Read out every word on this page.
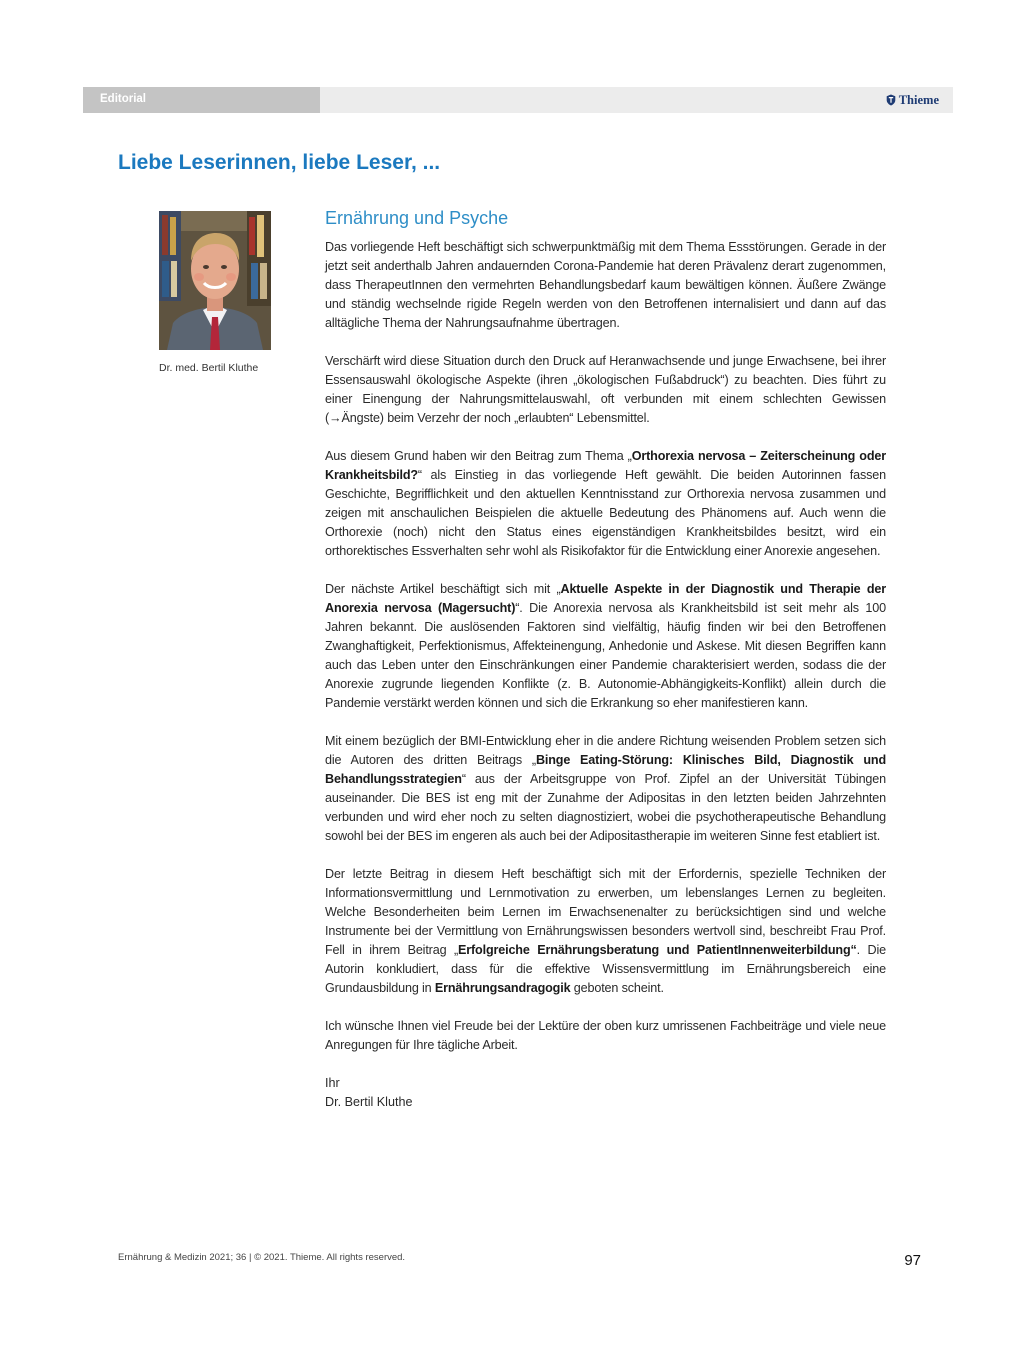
Editorial	Thieme
Liebe Leserinnen, liebe Leser, ...
Dr. med. Bertil Kluthe
Ernährung und Psyche

Das vorliegende Heft beschäftigt sich schwerpunktmäßig mit dem Thema Essstörungen. Gerade in der jetzt seit anderthalb Jahren andauernden Corona-Pandemie hat deren Prävalenz derart zugenommen, dass TherapeutInnen den vermehrten Behandlungsbedarf kaum bewältigen können. Äußere Zwänge und ständig wechselnde rigide Regeln werden von den Betroffenen internalisiert und dann auf das alltägliche Thema der Nahrungsaufnahme übertragen.

Verschärft wird diese Situation durch den Druck auf Heranwachsende und junge Erwachsene, bei ihrer Essensauswahl ökologische Aspekte (ihren „ökologischen Fußabdruck“) zu beachten. Dies führt zu einer Einengung der Nahrungsmittelauswahl, oft verbunden mit einem schlechten Gewissen (→Ängste) beim Verzehr der noch „erlaubten“ Lebensmittel.

Aus diesem Grund haben wir den Beitrag zum Thema „Orthorexia nervosa – Zeiterscheinung oder Krankheitsbild?“ als Einstieg in das vorliegende Heft gewählt. Die beiden Autorinnen fassen Geschichte, Begrifflichkeit und den aktuellen Kenntnisstand zur Orthorexia nervosa zusammen und zeigen mit anschaulichen Beispielen die aktuelle Bedeutung des Phänomens auf. Auch wenn die Orthorexie (noch) nicht den Status eines eigenständigen Krankheitsbildes besitzt, wird ein orthorektisches Essverhalten sehr wohl als Risikofaktor für die Entwicklung einer Anorexie angesehen.

Der nächste Artikel beschäftigt sich mit „Aktuelle Aspekte in der Diagnostik und Therapie der Anorexia nervosa (Magersucht)“. Die Anorexia nervosa als Krankheitsbild ist seit mehr als 100 Jahren bekannt. Die auslösenden Faktoren sind vielfältig, häufig finden wir bei den Betroffenen Zwanghaftigkeit, Perfektionismus, Affekteinengung, Anhedonie und Askese. Mit diesen Begriffen kann auch das Leben unter den Einschränkungen einer Pandemie charakterisiert werden, sodass die der Anorexie zugrunde liegenden Konflikte (z. B. Autonomie-Abhängigkeits-Konflikt) allein durch die Pandemie verstärkt werden können und sich die Erkrankung so eher manifestieren kann.

Mit einem bezüglich der BMI-Entwicklung eher in die andere Richtung weisenden Problem setzen sich die Autoren des dritten Beitrags „Binge Eating-Störung: Klinisches Bild, Diagnostik und Behandlungsstrategien“ aus der Arbeitsgruppe von Prof. Zipfel an der Universität Tübingen auseinander. Die BES ist eng mit der Zunahme der Adipositas in den letzten beiden Jahrzehnten verbunden und wird eher noch zu selten diagnostiziert, wobei die psychotherapeutische Behandlung sowohl bei der BES im engeren als auch bei der Adipositastherapie im weiteren Sinne fest etabliert ist.

Der letzte Beitrag in diesem Heft beschäftigt sich mit der Erfordernis, spezielle Techniken der Informationsvermittlung und Lernmotivation zu erwerben, um lebenslanges Lernen zu begleiten. Welche Besonderheiten beim Lernen im Erwachsenenalter zu berücksichtigen sind und welche Instrumente bei der Vermittlung von Ernährungswissen besonders wertvoll sind, beschreibt Frau Prof. Fell in ihrem Beitrag „Erfolgreiche Ernährungsberatung und PatientInnenweiterbildung“. Die Autorin konkludiert, dass für die effektive Wissensvermittlung im Ernährungsbereich eine Grundausbildung in Ernährungsandragogik geboten scheint.

Ich wünsche Ihnen viel Freude bei der Lektüre der oben kurz umrissenen Fachbeiträge und viele neue Anregungen für Ihre tägliche Arbeit.

Ihr

Dr. Bertil Kluthe

Ernährung & Medizin 2021; 36 | © 2021. Thieme. All rights reserved.	97
